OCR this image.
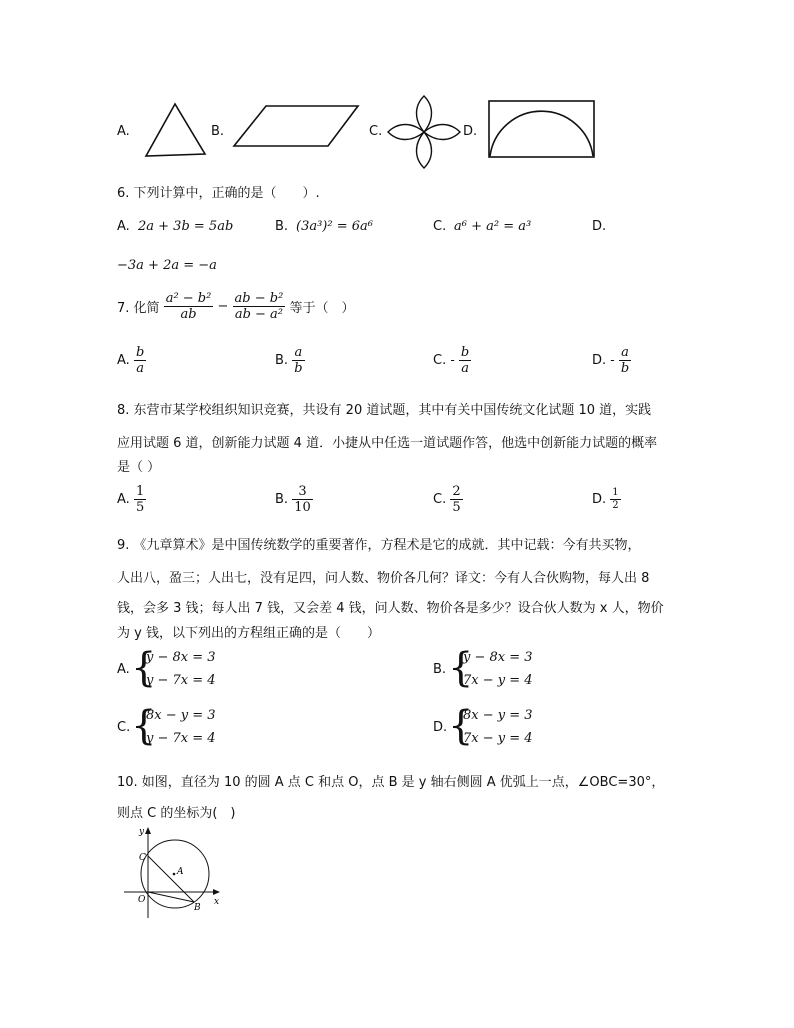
A.	B.	C.	D.
6. 下列计算中，正确的是（　　）.
A. 2a + 3b = 5ab	B. (3a³)² = 6a⁶	C. a⁶ + a² = a³	D.
−3a + 2a = −a
7. 化简 $\frac{\text{a² − b²}}{ab} - \frac{\text{ab − b²}}{\text{ab − a²}}$ 等于（　）
A. $\frac{b}{a}$	B. $\frac{a}{b}$	C. - $\frac{b}{a}$	D. - $\frac{a}{b}$
8. 东营市某学校组织知识竞赛，共设有 20 道试题，其中有关中国传统文化试题 10 道，实践
应用试题 6 道，创新能力试题 4 道．小捷从中任选一道试题作答，他选中创新能力试题的概率
是（ ）
A. $\frac{1}{5}$	B. $\frac{3}{10}$	C. $\frac{2}{5}$	D. $\frac{1}{2}$
9. 《九章算术》是中国传统数学的重要著作，方程术是它的成就．其中记载：今有共买物，
人出八，盈三；人出七，没有足四，问人数、物价各几何？译文：今有人合伙购物，每人出 8
钱，会多 3 钱；每人出 7 钱，又会差 4 钱，问人数、物价各是多少？设合伙人数为 x 人，物价
为 y 钱，以下列出的方程组正确的是（　　）
A. {
y − 8x = 3
y − 7x = 4
B. {
y − 8x = 3
7x − y = 4
C. {
8x − y = 3
y − 7x = 4
D. {
8x − y = 3
7x − y = 4
10. 如图，直径为 10 的圆 A 点 C 和点 O，点 B 是 y 轴右侧圆 A 优弧上一点，∠OBC=30°，
则点 C 的坐标为(　)
y
x
C
A
O
B
